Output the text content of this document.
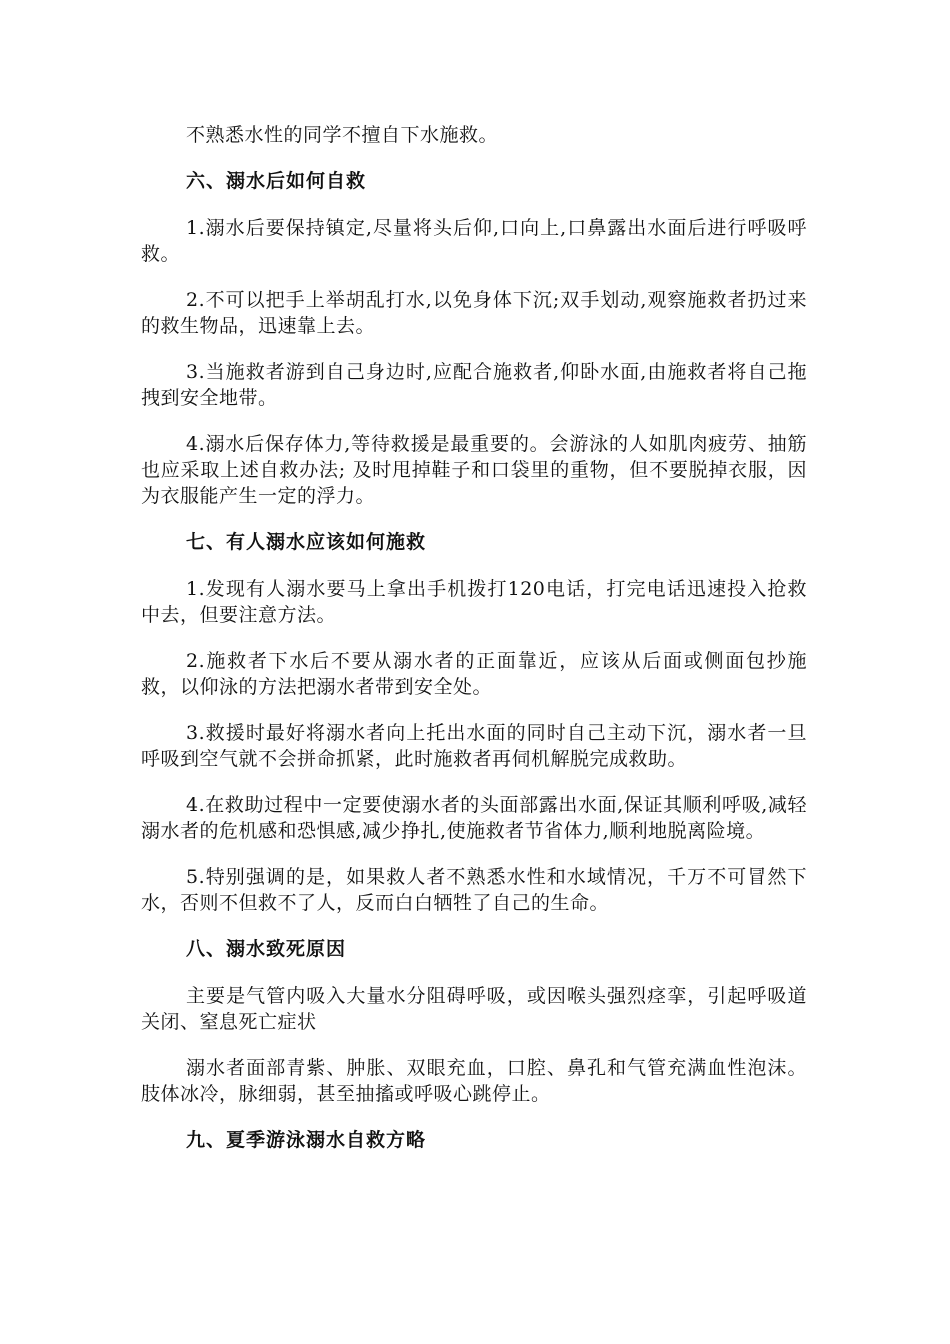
不熟悉水性的同学不擅自下水施救。

六、溺水后如何自救

1.溺水后要保持镇定,尽量将头后仰,口向上,口鼻露出水面后进行呼吸呼救。

2.不可以把手上举胡乱打水,以免身体下沉;双手划动,观察施救者扔过来的救生物品，迅速靠上去。

3.当施救者游到自己身边时,应配合施救者,仰卧水面,由施救者将自己拖拽到安全地带。

4.溺水后保存体力,等待救援是最重要的。会游泳的人如肌肉疲劳、抽筋也应采取上述自救办法; 及时甩掉鞋子和口袋里的重物，但不要脱掉衣服，因为衣服能产生一定的浮力。

七、有人溺水应该如何施救

1.发现有人溺水要马上拿出手机拨打120电话，打完电话迅速投入抢救中去，但要注意方法。

2.施救者下水后不要从溺水者的正面靠近，应该从后面或侧面包抄施救，以仰泳的方法把溺水者带到安全处。

3.救援时最好将溺水者向上托出水面的同时自己主动下沉，溺水者一旦呼吸到空气就不会拼命抓紧，此时施救者再伺机解脱完成救助。

4.在救助过程中一定要使溺水者的头面部露出水面,保证其顺利呼吸,减轻溺水者的危机感和恐惧感,减少挣扎,使施救者节省体力,顺利地脱离险境。

5.特别强调的是，如果救人者不熟悉水性和水域情况，千万不可冒然下水，否则不但救不了人，反而白白牺牲了自己的生命。

八、溺水致死原因

主要是气管内吸入大量水分阻碍呼吸，或因喉头强烈痉挛，引起呼吸道关闭、窒息死亡症状

溺水者面部青紫、肿胀、双眼充血，口腔、鼻孔和气管充满血性泡沫。肢体冰冷，脉细弱，甚至抽搐或呼吸心跳停止。

九、夏季游泳溺水自救方略
